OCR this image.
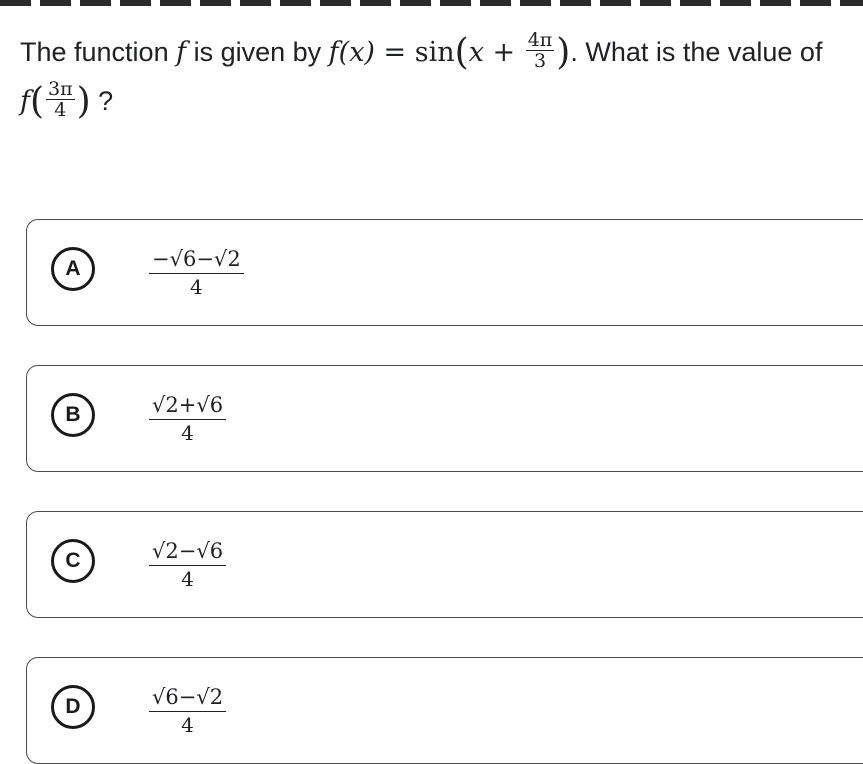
The function f is given by $f(x) = \sin(x + \frac{4\pi}{3}$ ). What is the value of $f( \frac{3\pi}{4}$ ) ?
A	$\frac{-√6-√2}{4}$
B	$\frac{√2+√6}{4}$
C	$\frac{√2-√6}{4}$
D	$\frac{√6-√2}{4}$
